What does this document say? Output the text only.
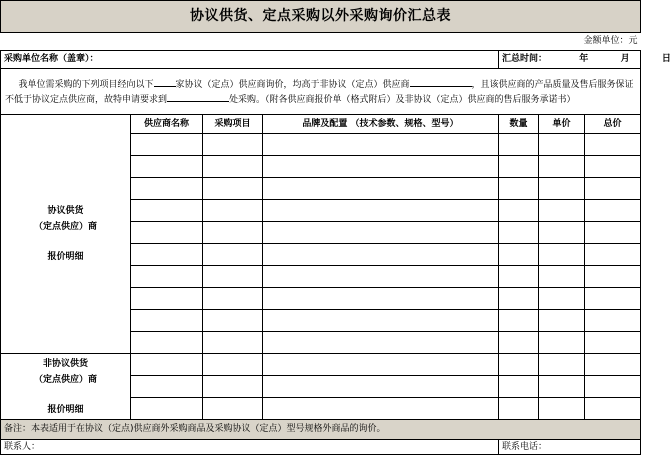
协议供货、定点采购以外采购询价汇总表						
					金额单位：元	
采购单位名称（盖章）：				汇总时间： 年 月 日		
我单位需采购的下列项目经向以下 家协议（定点）供应商询价，均高于非协议（定点）供应商 ，且该供应商的产品质量及售后服务保证不低于协议定点供应商，故特申请要求到 处采购。（附各供应商报价单（格式附后）及非协议（定点）供应商的售后服务承诺书）						

协议供货
（定点供应）商
报价明细	供应商名称	采购项目	品牌及配置 （技术参数、规格、型号）	数量	单价	总价

非协议供货
（定点供应）商
报价明细						

备注：本表适用于在协议（定点)供应商外采购商品及采购协议（定点）型号规格外商品的询价。						
联系人：				联系电话：		
